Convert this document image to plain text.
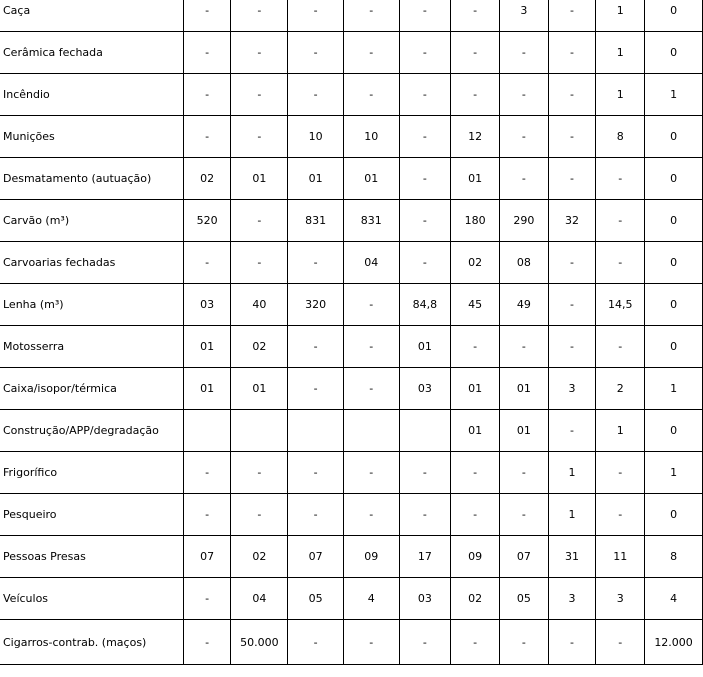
Caça	-	-	-	-	-	-	3	-	1	0
Cerâmica fechada	-	-	-	-	-	-	-	-	1	0
Incêndio	-	-	-	-	-	-	-	-	1	1
Munições	-	-	10	10	-	12	-	-	8	0
Desmatamento (autuação)	02	01	01	01	-	01	-	-	-	0
Carvão (m³)	520	-	831	831	-	180	290	32	-	0
Carvoarias fechadas	-	-	-	04	-	02	08	-	-	0
Lenha (m³)	03	40	320	-	84,8	45	49	-	14,5	0
Motosserra	01	02	-	-	01	-	-	-	-	0
Caixa/isopor/térmica	01	01	-	-	03	01	01	3	2	1
Construção/APP/degradação						01	01	-	1	0
Frigorífico	-	-	-	-	-	-	-	1	-	1
Pesqueiro	-	-	-	-	-	-	-	1	-	0
Pessoas Presas	07	02	07	09	17	09	07	31	11	8
Veículos	-	04	05	4	03	02	05	3	3	4
Cigarros-contrab. (maços)	-	50.000	-	-	-	-	-	-	-	12.000
